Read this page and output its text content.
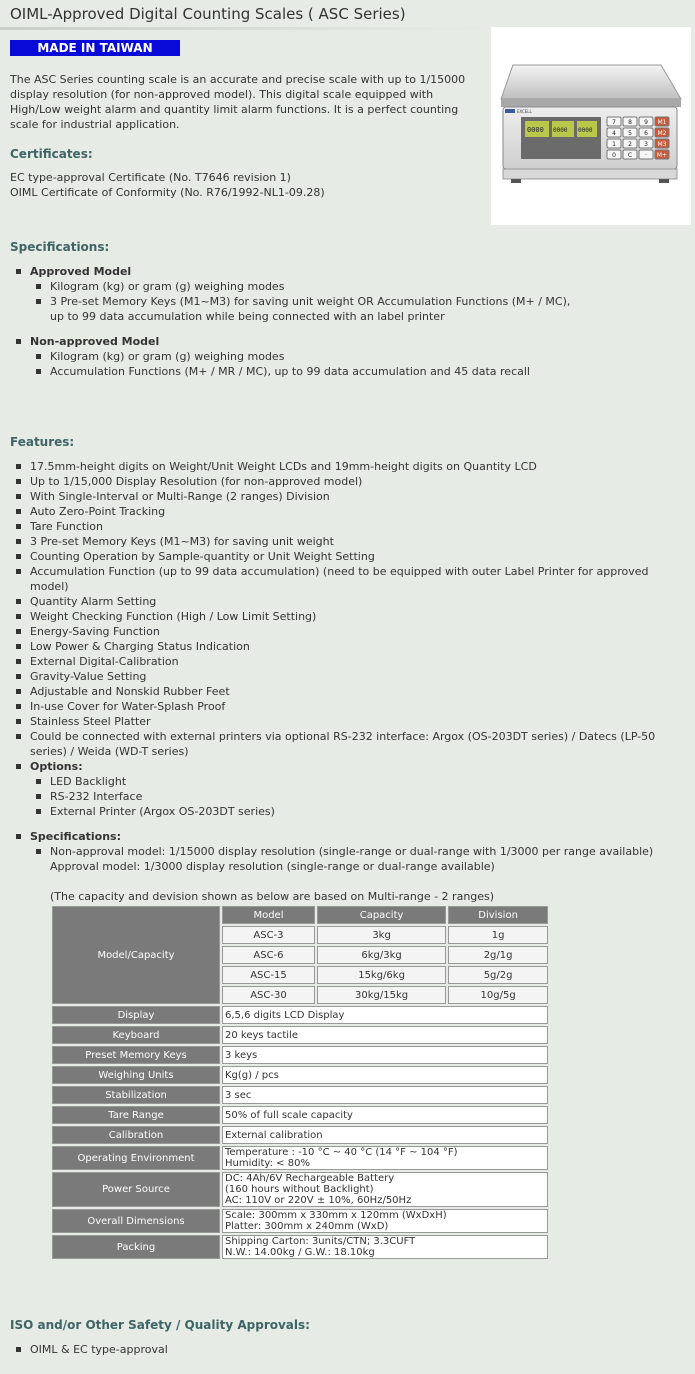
OIML-Approved Digital Counting Scales ( ASC Series)
MADE IN TAIWAN
The ASC Series counting scale is an accurate and precise scale with up to 1/15000 display resolution (for non-approved model). This digital scale equipped with High/Low weight alarm and quantity limit alarm functions. It is a perfect counting scale for industrial application.
EXCELL
0000 0000 0000
7 8 9 M1
4 5 6 M2
1 2 3 M3
0 C · M+
Certificates:
EC type-approval Certificate (No. T7646 revision 1)
OIML Certificate of Conformity (No. R76/1992-NL1-09.28)
Specifications:
Approved Model
Kilogram (kg) or gram (g) weighing modes
3 Pre-set Memory Keys (M1~M3) for saving unit weight OR Accumulation Functions (M+ / MC), up to 99 data accumulation while being connected with an label printer
Non-approved Model
Kilogram (kg) or gram (g) weighing modes
Accumulation Functions (M+ / MR / MC), up to 99 data accumulation and 45 data recall
Features:
17.5mm-height digits on Weight/Unit Weight LCDs and 19mm-height digits on Quantity LCD
Up to 1/15,000 Display Resolution (for non-approved model)
With Single-Interval or Multi-Range (2 ranges) Division
Auto Zero-Point Tracking
Tare Function
3 Pre-set Memory Keys (M1~M3) for saving unit weight
Counting Operation by Sample-quantity or Unit Weight Setting
Accumulation Function (up to 99 data accumulation) (need to be equipped with outer Label Printer for approved model)
Quantity Alarm Setting
Weight Checking Function (High / Low Limit Setting)
Energy-Saving Function
Low Power & Charging Status Indication
External Digital-Calibration
Gravity-Value Setting
Adjustable and Nonskid Rubber Feet
In-use Cover for Water-Splash Proof
Stainless Steel Platter
Could be connected with external printers via optional RS-232 interface: Argox (OS-203DT series) / Datecs (LP-50 series) / Weida (WD-T series)
Options:
LED Backlight
RS-232 Interface
External Printer (Argox OS-203DT series)
Specifications:
Non-approval model: 1/15000 display resolution (single-range or dual-range with 1/3000 per range available)
Approval model: 1/3000 display resolution (single-range or dual-range available)
(The capacity and devision shown as below are based on Multi-range - 2 ranges)
Model/Capacity	Model	Capacity	Division
	ASC-3	3kg	1g
	ASC-6	6kg/3kg	2g/1g
	ASC-15	15kg/6kg	5g/2g
	ASC-30	30kg/15kg	10g/5g
Display	6,5,6 digits LCD Display		

Keyboard	20 keys tactile		

Preset Memory Keys	3 keys		

Weighing Units	Kg(g) / pcs		

Stabilization	3 sec		

Tare Range	50% of full scale capacity		

Calibration	External calibration		

Operating Environment	Temperature : -10 °C ~ 40 °C (14 °F ~ 104 °F)
Humidity: < 80%		

Power Source	DC: 4Ah/6V Rechargeable Battery
(160 hours without Backlight)
AC: 110V or 220V ± 10%, 60Hz/50Hz		

Overall Dimensions	Scale: 300mm x 330mm x 120mm (WxDxH)
Platter: 300mm x 240mm (WxD)		

Packing	Shipping Carton: 3units/CTN; 3.3CUFT
N.W.: 14.00kg / G.W.: 18.10kg		
ISO and/or Other Safety / Quality Approvals:
OIML & EC type-approval
